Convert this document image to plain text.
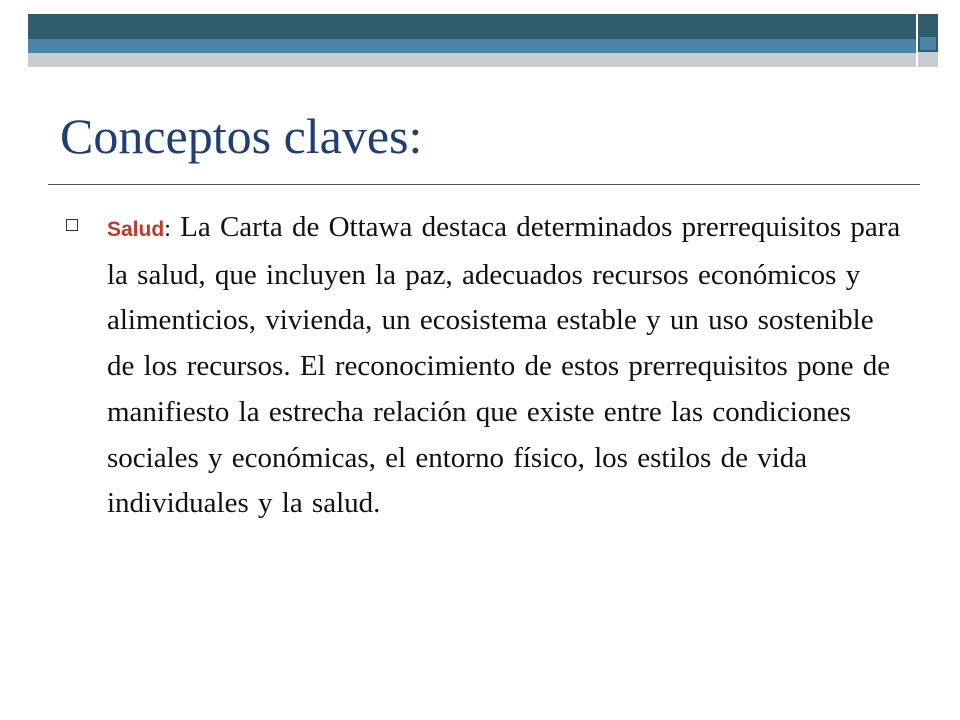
Conceptos claves:

Salud: La Carta de Ottawa destaca determinados prerrequisitos para la salud, que incluyen la paz, adecuados recursos económicos y alimenticios, vivienda, un ecosistema estable y un uso sostenible de los recursos. El reconocimiento de estos prerrequisitos pone de manifiesto la estrecha relación que existe entre las condiciones sociales y económicas, el entorno físico, los estilos de vida individuales y la salud.
